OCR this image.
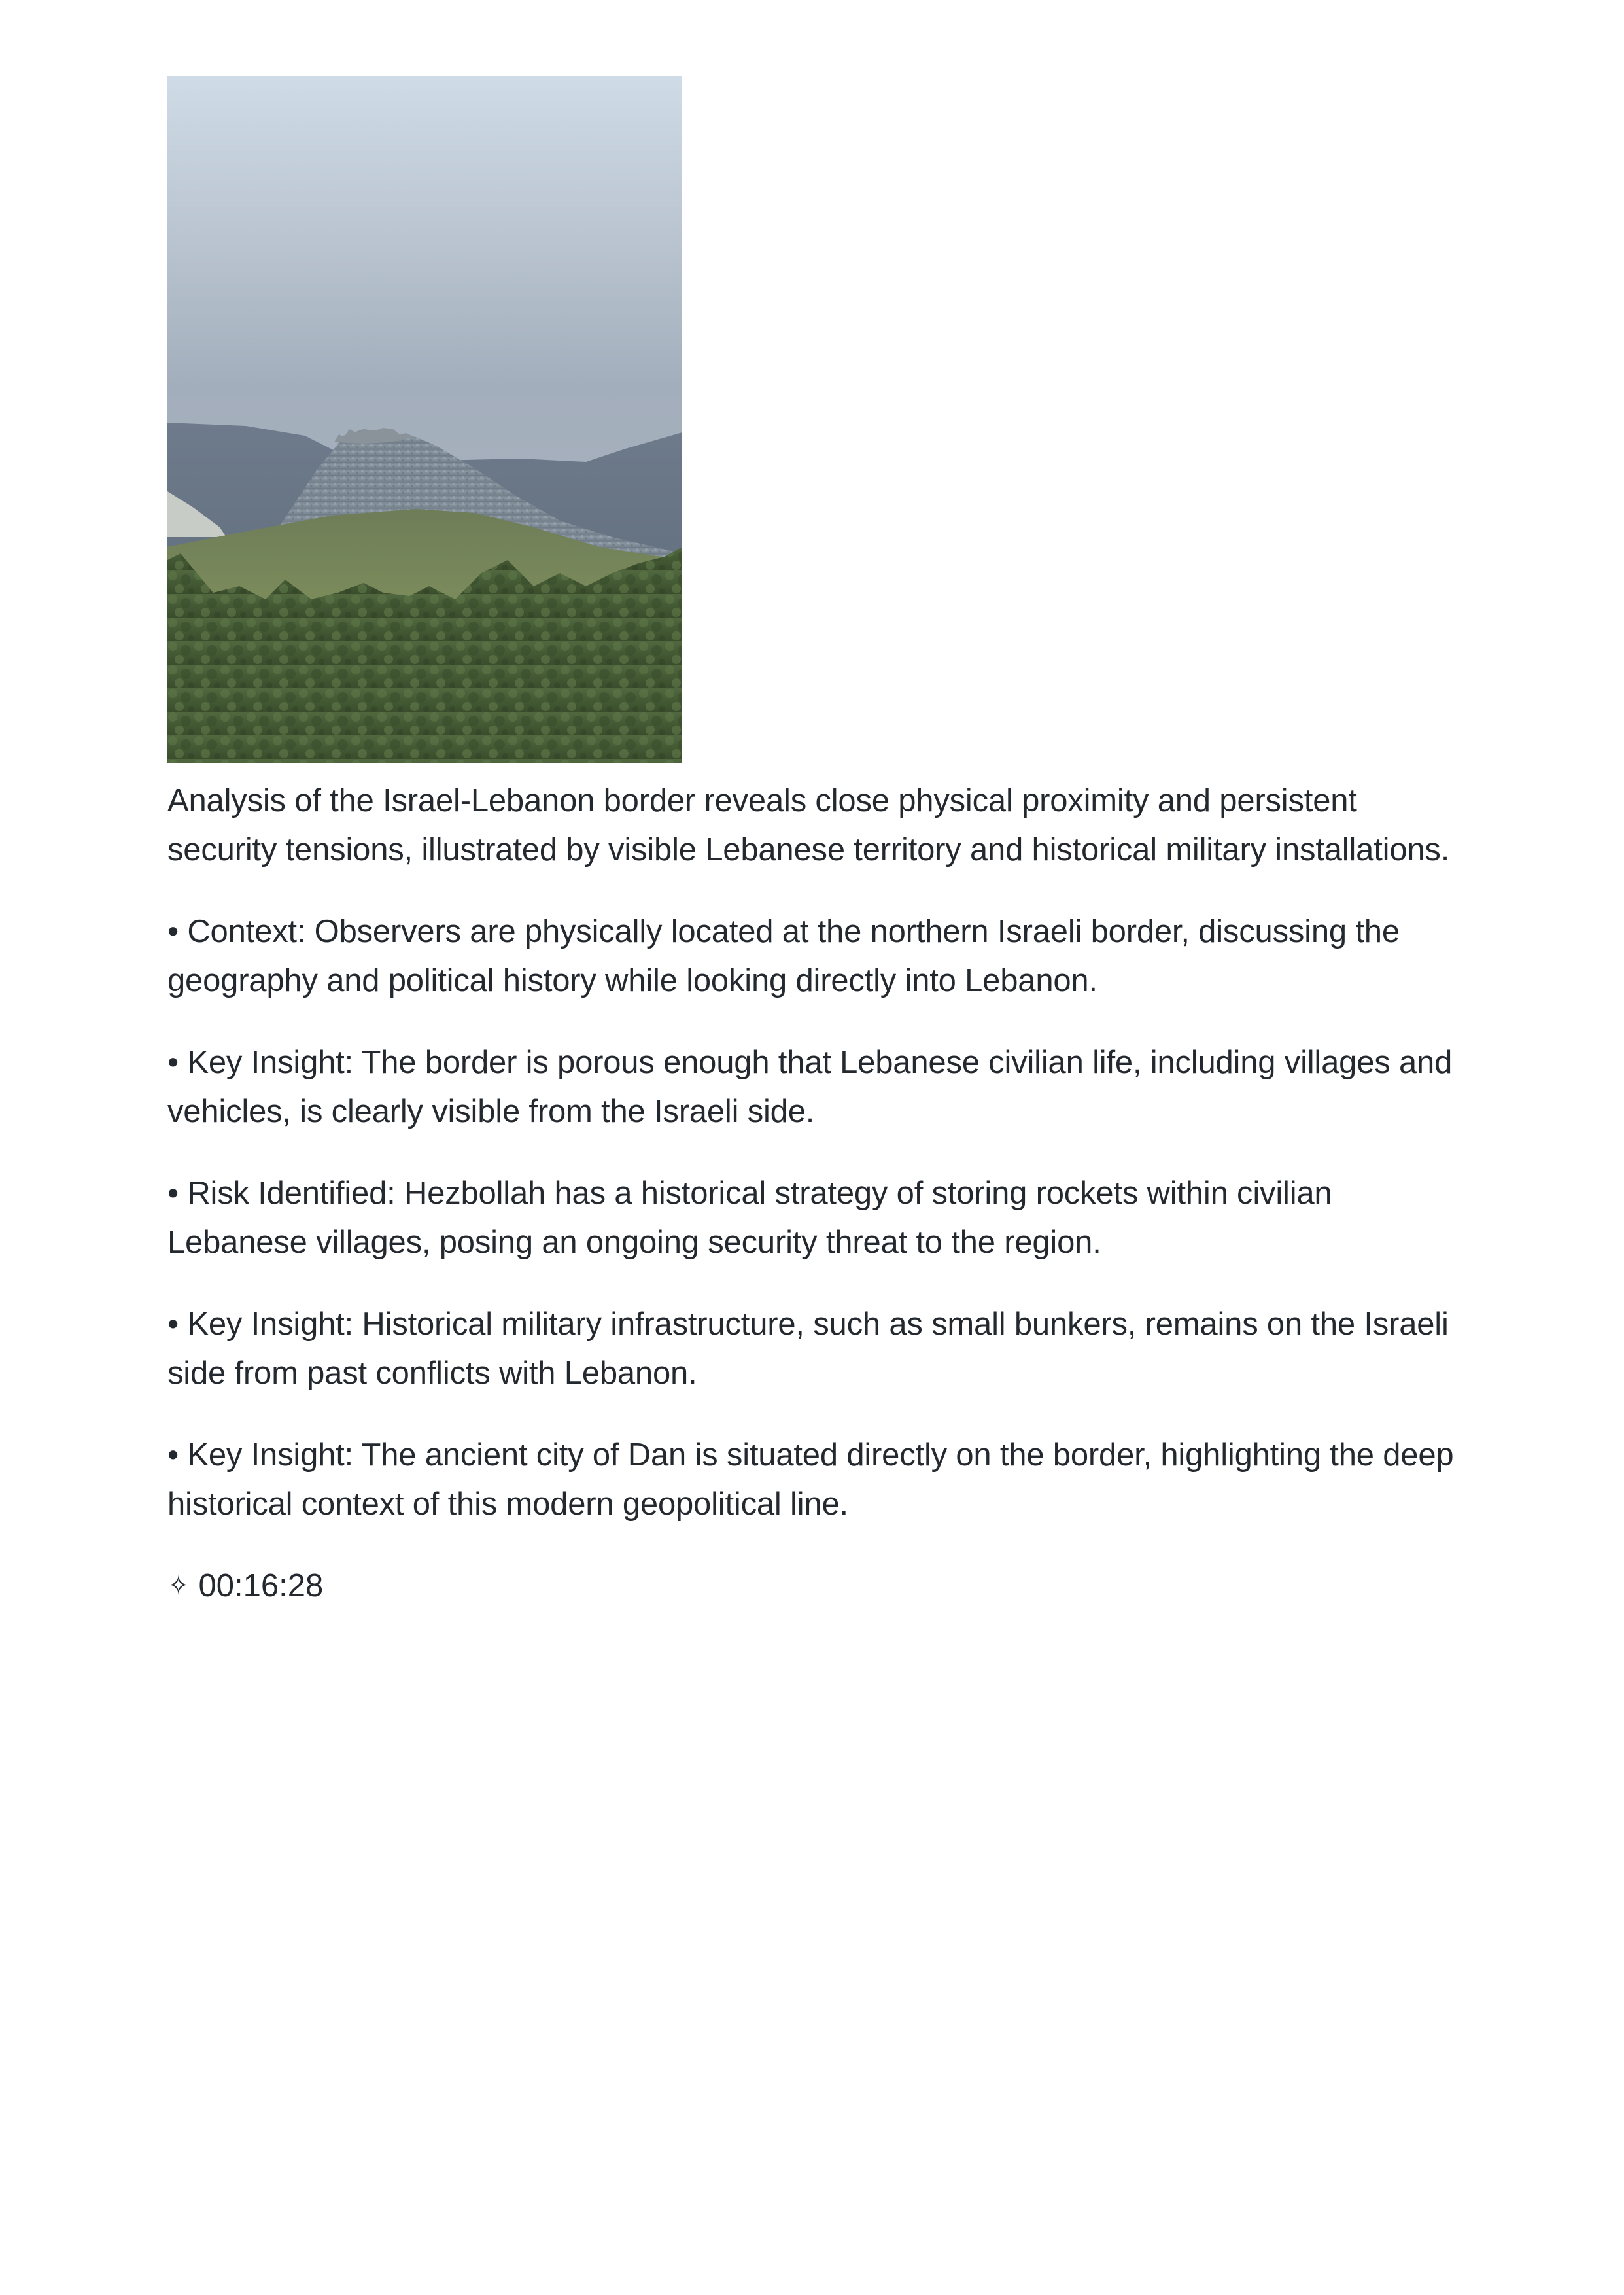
Analysis of the Israel-Lebanon border reveals close physical proximity and persistent security tensions, illustrated by visible Lebanese territory and historical military installations.

• Context: Observers are physically located at the northern Israeli border, discussing the geography and political history while looking directly into Lebanon.

• Key Insight: The border is porous enough that Lebanese civilian life, including villages and vehicles, is clearly visible from the Israeli side.

• Risk Identified: Hezbollah has a historical strategy of storing rockets within civilian Lebanese villages, posing an ongoing security threat to the region.

• Key Insight: Historical military infrastructure, such as small bunkers, remains on the Israeli side from past conflicts with Lebanon.

• Key Insight: The ancient city of Dan is situated directly on the border, highlighting the deep historical context of this modern geopolitical line.

✧ 00:16:28
